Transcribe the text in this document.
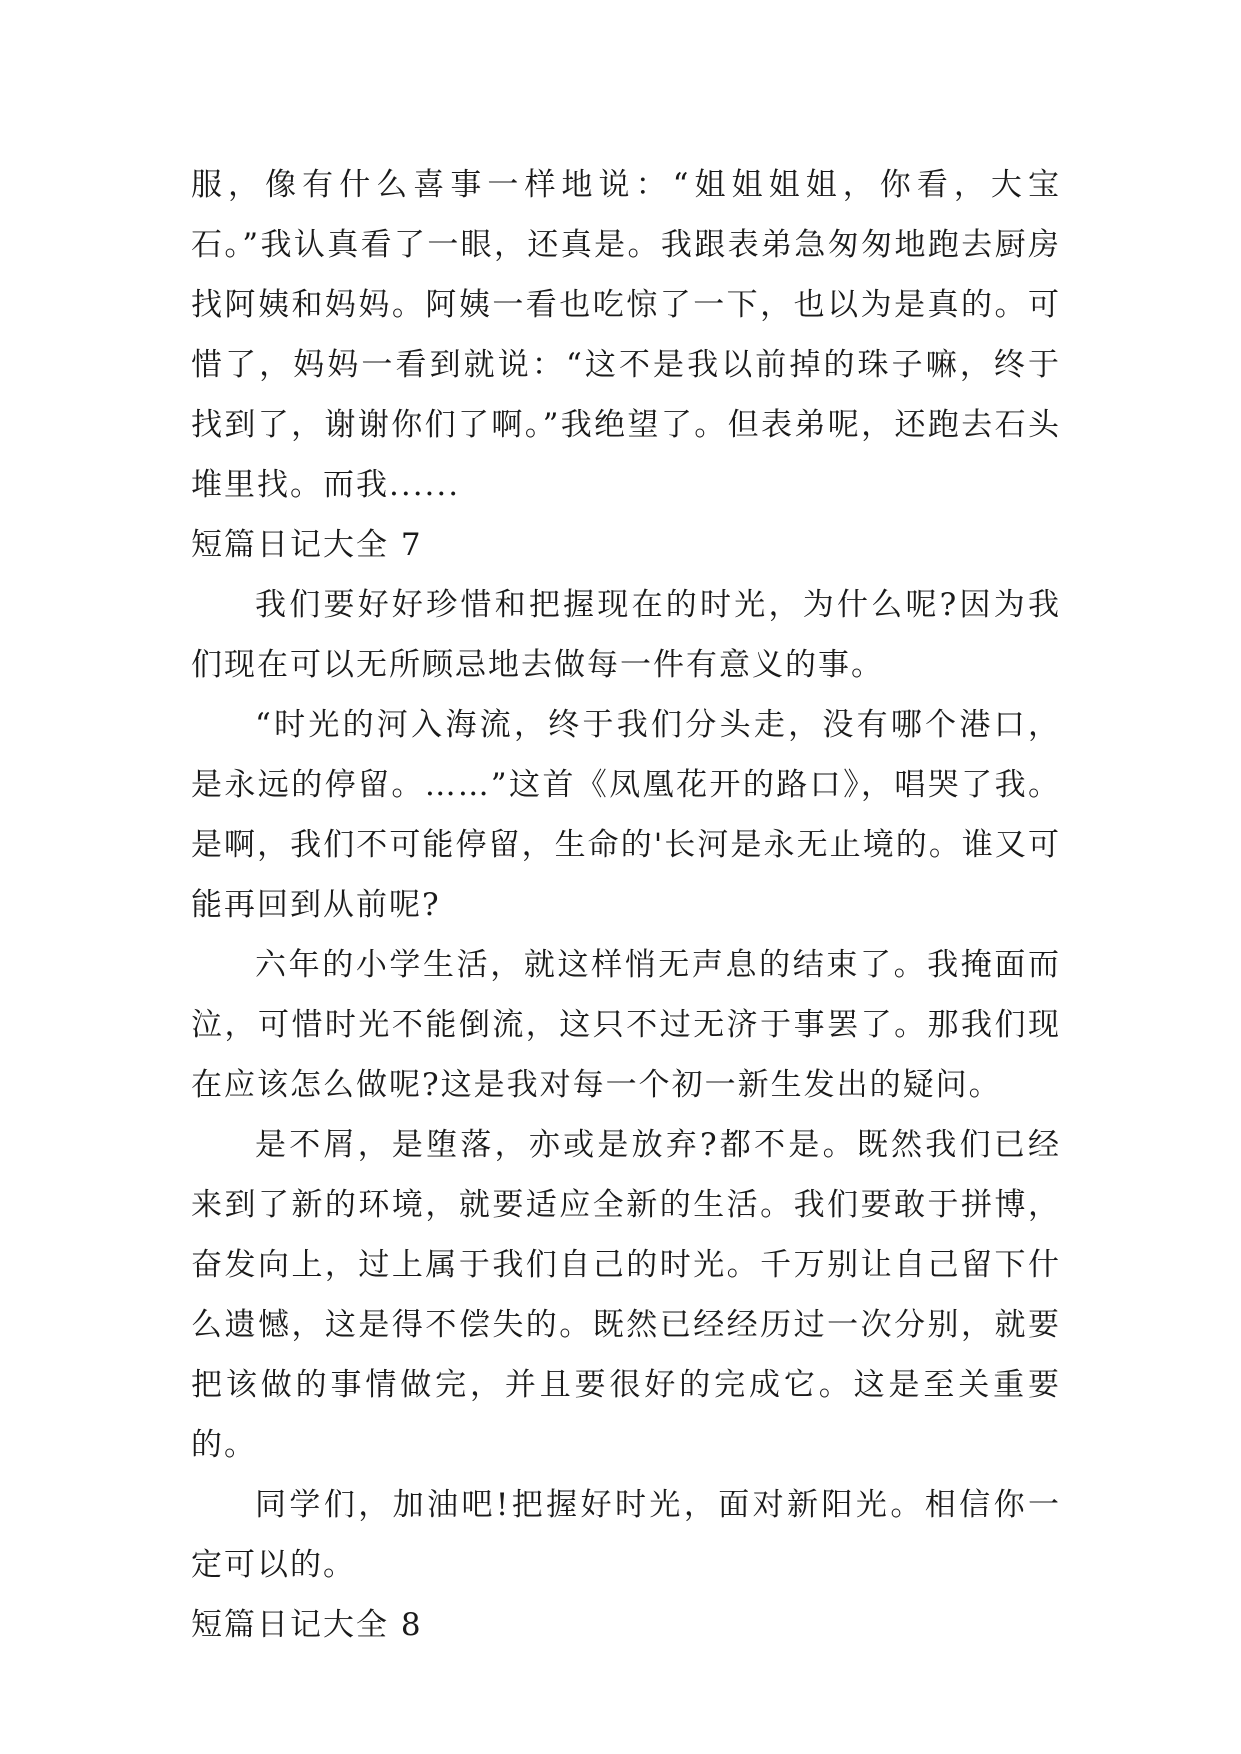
服，像有什么喜事一样地说：“姐姐姐姐，你看，大宝石。”我认真看了一眼，还真是。我跟表弟急匆匆地跑去厨房找阿姨和妈妈。阿姨一看也吃惊了一下，也以为是真的。可惜了，妈妈一看到就说：“这不是我以前掉的珠子嘛，终于找到了，谢谢你们了啊。”我绝望了。但表弟呢，还跑去石头堆里找。而我......

短篇日记大全 7

我们要好好珍惜和把握现在的时光，为什么呢?因为我们现在可以无所顾忌地去做每一件有意义的事。

“时光的河入海流，终于我们分头走，没有哪个港口，是永远的停留。……”这首《凤凰花开的路口》，唱哭了我。是啊，我们不可能停留，生命的'长河是永无止境的。谁又可能再回到从前呢?

六年的小学生活，就这样悄无声息的结束了。我掩面而泣，可惜时光不能倒流，这只不过无济于事罢了。那我们现在应该怎么做呢?这是我对每一个初一新生发出的疑问。

是不屑，是堕落，亦或是放弃?都不是。既然我们已经来到了新的环境，就要适应全新的生活。我们要敢于拼博，奋发向上，过上属于我们自己的时光。千万别让自己留下什么遗憾，这是得不偿失的。既然已经经历过一次分别，就要把该做的事情做完，并且要很好的完成它。这是至关重要的。

同学们，加油吧!把握好时光，面对新阳光。相信你一定可以的。

短篇日记大全 8
